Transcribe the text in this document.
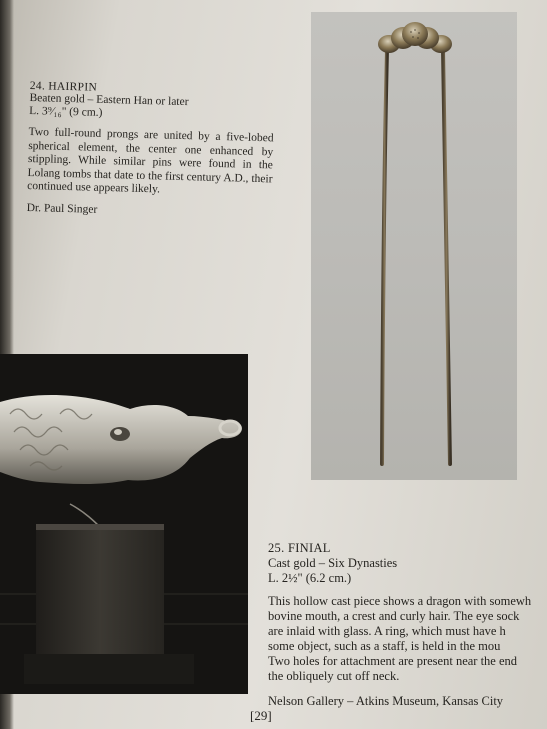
24. HAIRPIN
Beaten gold – Eastern Han or later
L. 3⁹⁄₁₆" (9 cm.)
Two full-round prongs are united by a five-lobed spherical element, the center one enhanced by stippling. While similar pins were found in the Lolang tombs that date to the first century A.D., their continued use appears likely.
Dr. Paul Singer
25. FINIAL
Cast gold – Six Dynasties
L. 2½" (6.2 cm.)
This hollow cast piece shows a dragon with somewh
bovine mouth, a crest and curly hair. The eye sock
are inlaid with glass. A ring, which must have h
some object, such as a staff, is held in the mou
Two holes for attachment are present near the end
the obliquely cut off neck.
Nelson Gallery – Atkins Museum, Kansas City
[29]
